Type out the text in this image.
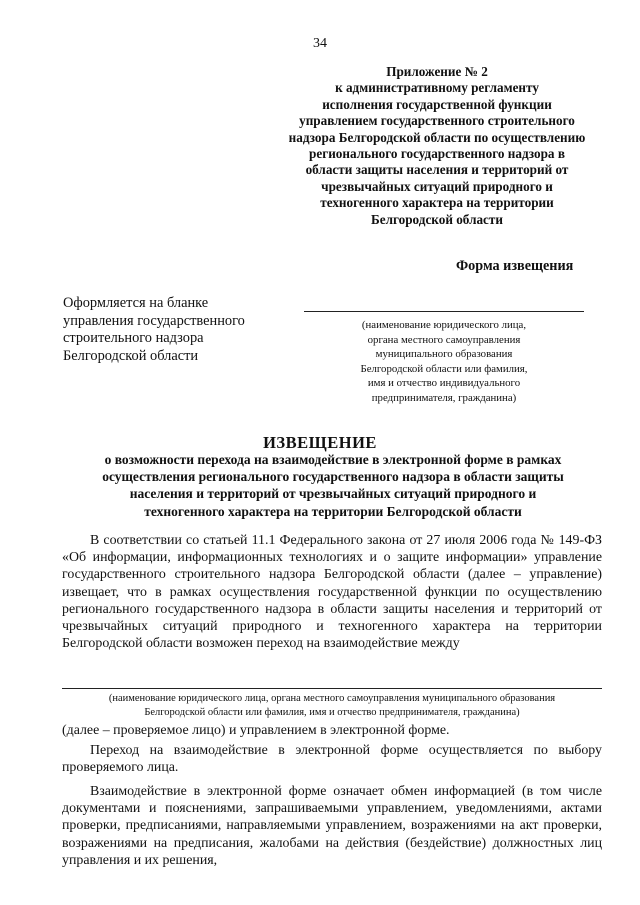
34
Приложение № 2
к административному регламенту
исполнения государственной функции
управлением государственного строительного
надзора Белгородской области по осуществлению
регионального государственного надзора в
области защиты населения и территорий от
чрезвычайных ситуаций природного и
техногенного характера на территории
Белгородской области
Форма извещения
Оформляется на бланке
управления государственного
строительного надзора
Белгородской области
(наименование юридического лица,
органа местного самоуправления
муниципального образования
Белгородской области или фамилия,
имя и отчество индивидуального
предпринимателя, гражданина)
ИЗВЕЩЕНИЕ
о возможности перехода на взаимодействие в электронной форме в рамках
осуществления регионального государственного надзора в области защиты
населения и территорий от чрезвычайных ситуаций природного и
техногенного характера на территории Белгородской области

В соответствии со статьей 11.1 Федерального закона от 27 июля 2006 года № 149-ФЗ «Об информации, информационных технологиях и о защите информации» управление государственного строительного надзора Белгородской области (далее – управление) извещает, что в рамках осуществления государственной функции по осуществлению регионального государственного надзора в области защиты населения и территорий от чрезвычайных ситуаций природного и техногенного характера на территории Белгородской области возможен переход на взаимодействие между

(наименование юридического лица, органа местного самоуправления муниципального образования
Белгородской области или фамилия, имя и отчество предпринимателя, гражданина)

(далее – проверяемое лицо) и управлением в электронной форме.

Переход на взаимодействие в электронной форме осуществляется по выбору проверяемого лица.

Взаимодействие в электронной форме означает обмен информацией (в том числе документами и пояснениями, запрашиваемыми управлением, уведомлениями, актами проверки, предписаниями, направляемыми управлением, возражениями на акт проверки, возражениями на предписания, жалобами на действия (бездействие) должностных лиц управления и их решения,
